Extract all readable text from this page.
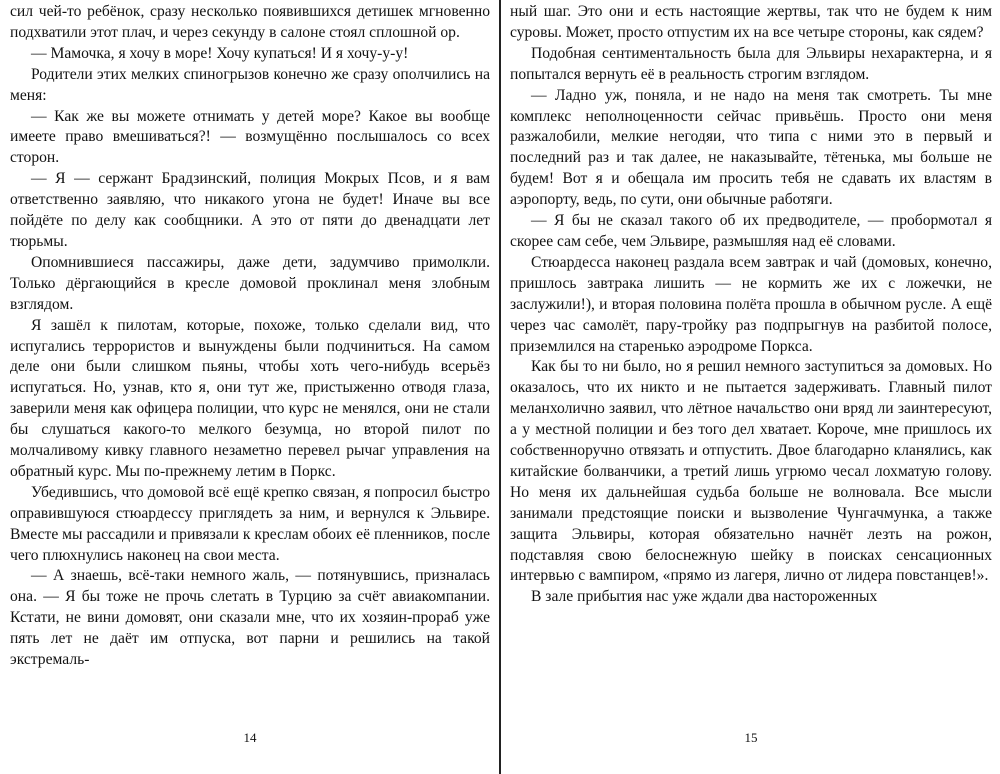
сил чей-то ребёнок, сразу несколько появившихся детишек мгновенно подхватили этот плач, и через секунду в салоне стоял сплошной ор.

— Мамочка, я хочу в море! Хочу купаться! И я хочу-у-у!

Родители этих мелких спиногрызов конечно же сразу ополчились на меня:

— Как же вы можете отнимать у детей море? Какое вы вообще имеете право вмешиваться?! — возмущённо послышалось со всех сторон.

— Я — сержант Брадзинский, полиция Мокрых Псов, и я вам ответственно заявляю, что никакого угона не будет! Иначе вы все пойдёте по делу как сообщники. А это от пяти до двенадцати лет тюрьмы.

Опомнившиеся пассажиры, даже дети, задумчиво примолкли. Только дёргающийся в кресле домовой проклинал меня злобным взглядом.

Я зашёл к пилотам, которые, похоже, только сделали вид, что испугались террористов и вынуждены были подчиниться. На самом деле они были слишком пьяны, чтобы хоть чего-нибудь всерьёз испугаться. Но, узнав, кто я, они тут же, пристыженно отводя глаза, заверили меня как офицера полиции, что курс не менялся, они не стали бы слушаться какого-то мелкого безумца, но второй пилот по молчаливому кивку главного незаметно перевел рычаг управления на обратный курс. Мы по-прежнему летим в Поркс.

Убедившись, что домовой всё ещё крепко связан, я попросил быстро оправившуюся стюардессу приглядеть за ним, и вернулся к Эльвире. Вместе мы рассадили и привязали к креслам обоих её пленников, после чего плюхнулись наконец на свои места.

— А знаешь, всё-таки немного жаль, — потянувшись, призналась она. — Я бы тоже не прочь слетать в Турцию за счёт авиакомпании. Кстати, не вини домовят, они сказали мне, что их хозяин-прораб уже пять лет не даёт им отпуска, вот парни и решились на такой экстремаль-

14

ный шаг. Это они и есть настоящие жертвы, так что не будем к ним суровы. Может, просто отпустим их на все четыре стороны, как сядем?

Подобная сентиментальность была для Эльвиры нехарактерна, и я попытался вернуть её в реальность строгим взглядом.

— Ладно уж, поняла, и не надо на меня так смотреть. Ты мне комплекс неполноценности сейчас привьёшь. Просто они меня разжалобили, мелкие негодяи, что типа с ними это в первый и последний раз и так далее, не наказывайте, тётенька, мы больше не будем! Вот я и обещала им просить тебя не сдавать их властям в аэропорту, ведь, по сути, они обычные работяги.

— Я бы не сказал такого об их предводителе, — пробормотал я скорее сам себе, чем Эльвире, размышляя над её словами.

Стюардесса наконец раздала всем завтрак и чай (домовых, конечно, пришлось завтрака лишить — не кормить же их с ложечки, не заслужили!), и вторая половина полёта прошла в обычном русле. А ещё через час самолёт, пару-тройку раз подпрыгнув на разбитой полосе, приземлился на старенько аэродроме Поркса.

Как бы то ни было, но я решил немного заступиться за домовых. Но оказалось, что их никто и не пытается задерживать. Главный пилот меланхолично заявил, что лётное начальство они вряд ли заинтересуют, а у местной полиции и без того дел хватает. Короче, мне пришлось их собственноручно отвязать и отпустить. Двое благодарно кланялись, как китайские болванчики, а третий лишь угрюмо чесал лохматую голову. Но меня их дальнейшая судьба больше не волновала. Все мысли занимали предстоящие поиски и вызволение Чунгачмунка, а также защита Эльвиры, которая обязательно начнёт лезть на рожон, подставляя свою белоснежную шейку в поисках сенсационных интервью с вампиром, «прямо из лагеря, лично от лидера повстанцев!».

В зале прибытия нас уже ждали два настороженных

15
